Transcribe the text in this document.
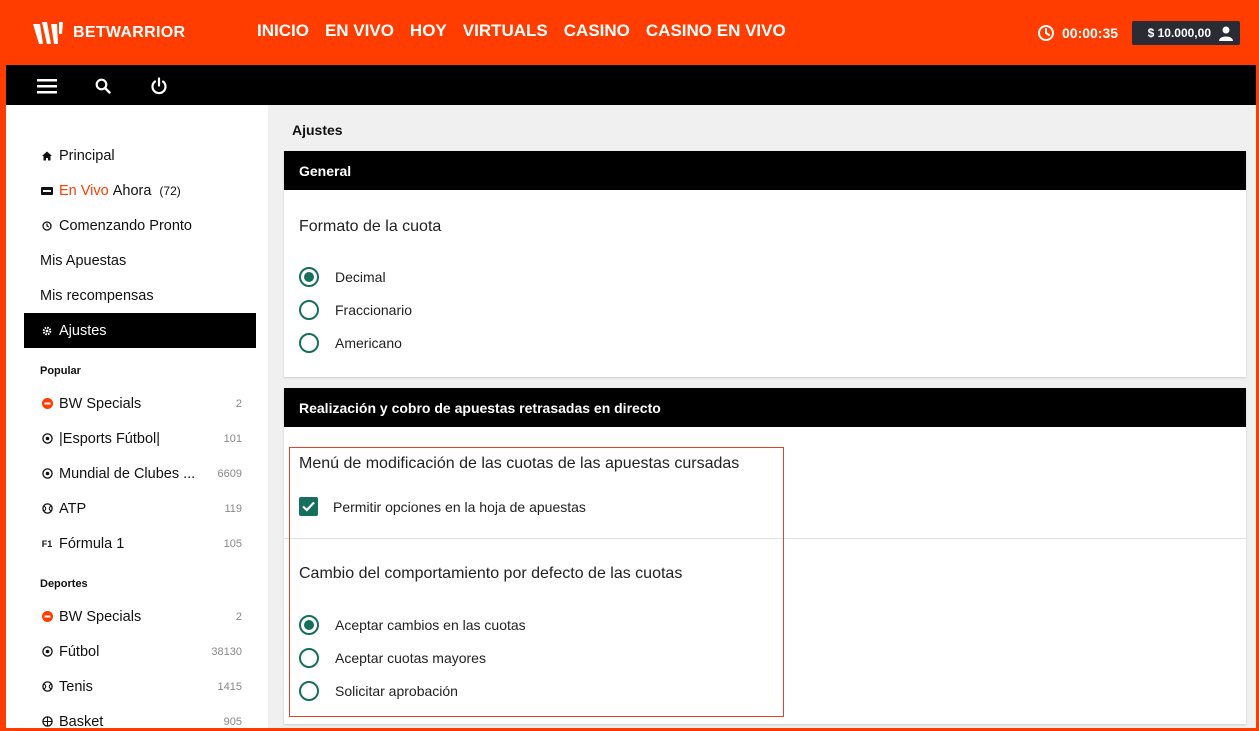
BETWARRIOR	INICIO EN VIVO HOY VIRTUALS CASINO CASINO EN VIVO	00:00:35 $ 10.000,00
Principal
En Vivo Ahora (72)
Comenzando Pronto
Mis Apuestas
Mis recompensas
Ajustes
Popular
BW Specials	2
|Esports Fútbol|	101
Mundial de Clubes ... 6609
ATP	119
F1 Fórmula 1	105
Deportes
BW Specials	2
Fútbol	38130
Tenis	1415
Basket	905
Ajustes
General
Formato de la cuota
Decimal
Fraccionario
Americano
Realización y cobro de apuestas retrasadas en directo
Menú de modificación de las cuotas de las apuestas cursadas
Permitir opciones en la hoja de apuestas
Cambio del comportamiento por defecto de las cuotas
Aceptar cambios en las cuotas
Aceptar cuotas mayores
Solicitar aprobación
